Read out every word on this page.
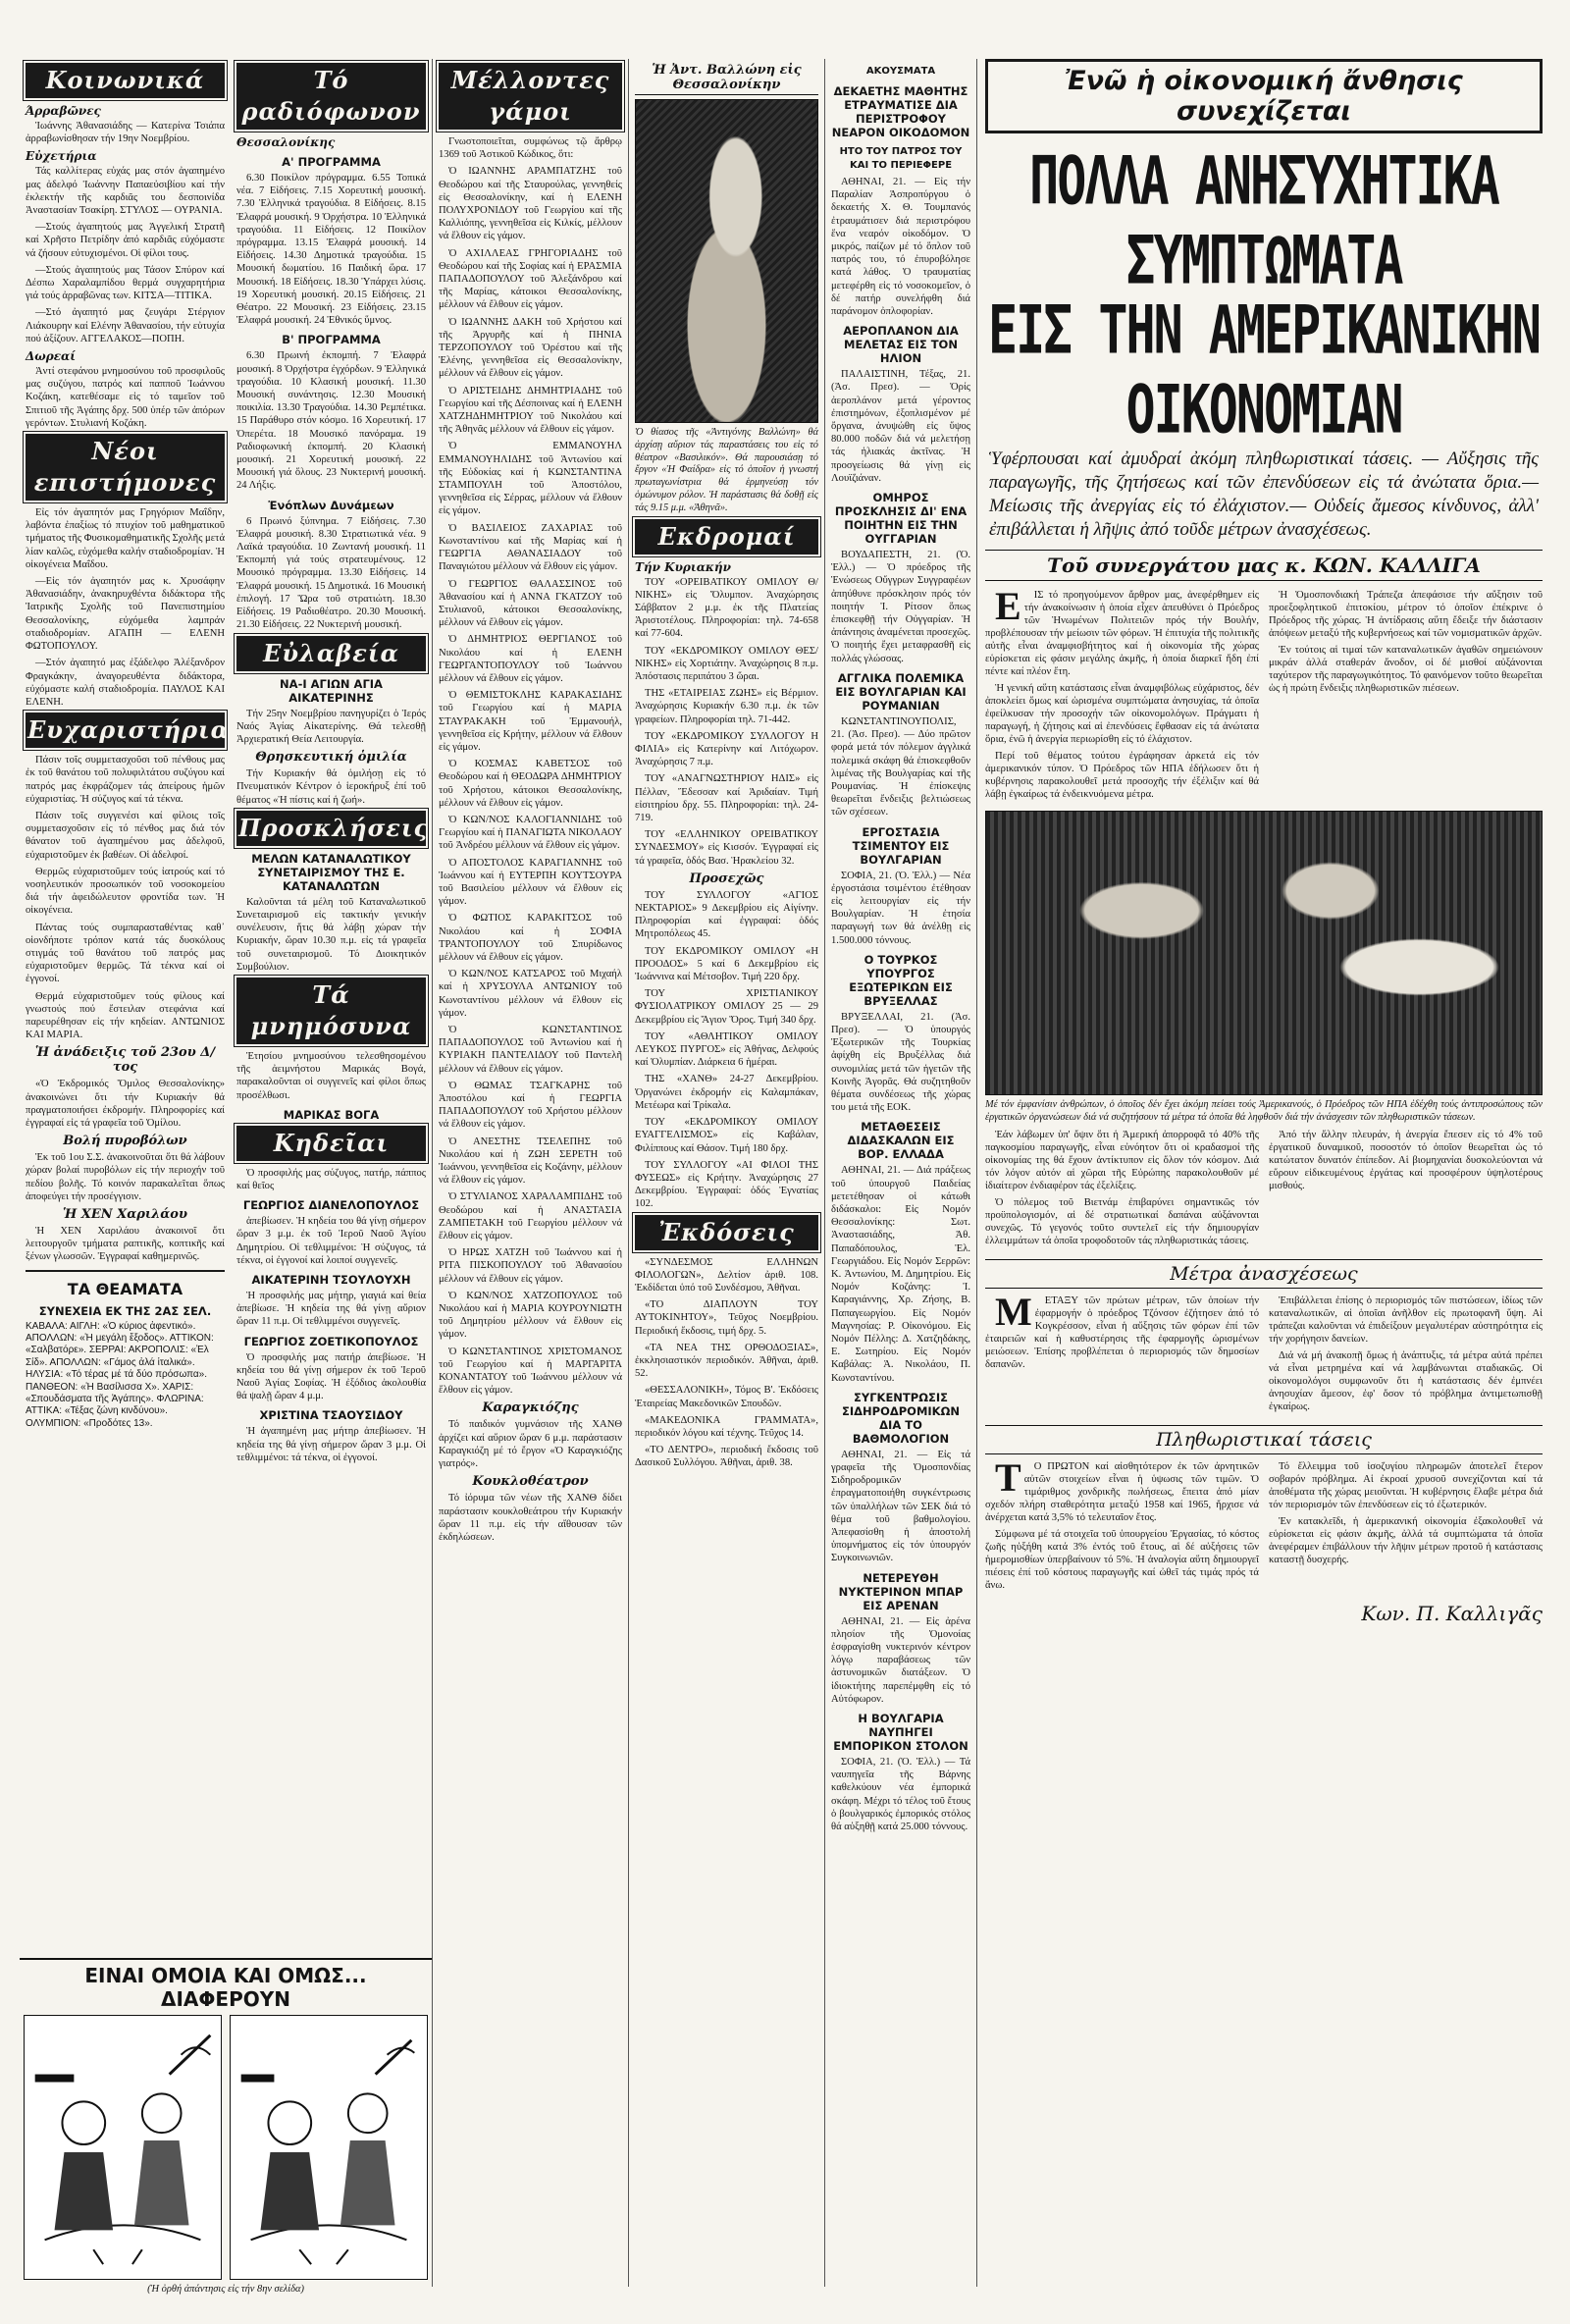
Κοινωνικά
Άρραβῶνες

Ἰωάννης Ἀθανασιάδης — Κατερίνα Τσιάπα ἀρραβωνίσθησαν τήν 19ην Νοεμβρίου.

Εὐχετήρια

Τάς καλλίτερας εὐχάς μας στόν ἀγαπημένο μας ἀδελφό Ἰωάννην Παπαεὐσιβίου καί τήν ἐκλεκτήν τῆς καρδιᾶς του δεσποινίδα Ἀναστασίαν Τσακίρη. ΣΤΥΛΟΣ — ΟΥΡΑΝΙΑ.

—Στούς ἀγαπητούς μας Ἀγγελική Στρατῆ καί Χρῆστο Πετρίδην ἀπό καρδιᾶς εὐχόμαστε νά ζήσουν εὐτυχισμένοι. Οἱ φίλοι τους.

—Στούς ἀγαπητούς μας Τάσον Σπύρον καί Δέσπω Χαραλαμπίδου θερμά συγχαρητήρια γιά τούς ἀρραβῶνας των. ΚΙΤΣΑ—ΤΙΤΙΚΑ.

—Στό ἀγαπητό μας ζευγάρι Στέργιον Λιάκουρην καί Ελένην Ἀθανασίου, τήν εὐτυχία πού ἀξίζουν. ΑΓΓΕΛΑΚΟΣ—ΠΟΠΗ.

Δωρεαί

Ἀντί στεφάνου μνημοσύνου τοῦ προσφιλοῦς μας συζύγου, πατρός καί παπποῦ Ἰωάννου Κοζάκη, κατεθέσαμε εἰς τό ταμεῖον τοῦ Σπιτιοῦ τῆς Ἁγάπης δρχ. 500 ὑπέρ τῶν ἀπόρων γερόντων. Στυλιανή Κοζάκη.

Νέοι επιστήμονες

Εἰς τόν ἀγαπητόν μας Γρηγόριον Μαΐδην, λαβόντα ἐπαξίως τό πτυχίον τοῦ μαθηματικοῦ τμήματος τῆς Φυσικομαθηματικῆς Σχολῆς μετά λίαν καλῶς, εὐχόμεθα καλήν σταδιοδρομίαν. Ἡ οἰκογένεια Μαΐδου.

—Εἰς τόν ἀγαπητόν μας κ. Χρυσάφην Ἀθανασιάδην, ἀνακηρυχθέντα διδάκτορα τῆς Ἰατρικῆς Σχολῆς τοῦ Πανεπιστημίου Θεσσαλονίκης, εὐχόμεθα λαμπράν σταδιοδρομίαν. ΑΓΑΠΗ — ΕΛΕΝΗ ΦΩΤΟΠΟΥΛΟΥ.

—Στόν ἀγαπητό μας ἐξάδελφο Ἀλέξανδρον Φραγκάκην, ἀναγορευθέντα διδάκτορα, εὐχόμαστε καλή σταδιοδρομία. ΠΑΥΛΟΣ ΚΑΙ ΕΛΕΝΗ.

Ευχαριστήρια

Πάσιν τοῖς συμμετασχοῦσι τοῦ πένθους μας ἐκ τοῦ θανάτου τοῦ πολυφιλτάτου συζύγου καί πατρός μας ἐκφράζομεν τάς ἀπείρους ἡμῶν εὐχαριστίας. Ἡ σύζυγος καί τά τέκνα.

Πάσιν τοῖς συγγενέσι καί φίλοις τοῖς συμμετασχοῦσιν εἰς τό πένθος μας διά τόν θάνατον τοῦ ἀγαπημένου μας ἀδελφοῦ, εὐχαριστοῦμεν ἐκ βαθέων. Οἱ ἀδελφοί.

Θερμῶς εὐχαριστοῦμεν τούς ἰατρούς καί τό νοσηλευτικόν προσωπικόν τοῦ νοσοκομείου διά τήν ἀφειδώλευτον φροντίδα των. Ἡ οἰκογένεια.

Πάντας τούς συμπαρασταθέντας καθ᾽ οἱονδήποτε τρόπον κατά τάς δυσκόλους στιγμάς τοῦ θανάτου τοῦ πατρός μας εὐχαριστοῦμεν θερμῶς. Τά τέκνα καί οἱ ἐγγονοί.

Θερμά εὐχαριστοῦμεν τούς φίλους καί γνωστούς πού ἔστειλαν στεφάνια καί παρευρέθησαν εἰς τήν κηδείαν. ΑΝΤΩΝΙΟΣ ΚΑΙ ΜΑΡΙΑ.

Ἡ ἀνάδειξις τοῦ 23ου Δ/τος

«Ὁ Ἐκδρομικός Ὅμιλος Θεσσαλονίκης» ἀνακοινώνει ὅτι τήν Κυριακήν θά πραγματοποιήσει ἐκδρομήν. Πληροφορίες καί ἐγγραφαί εἰς τά γραφεῖα τοῦ Ὁμίλου.

Βολή πυροβόλων

Ἐκ τοῦ 1ου Σ.Σ. ἀνακοινοῦται ὅτι θά λάβουν χώραν βολαί πυροβόλων εἰς τήν περιοχήν τοῦ πεδίου βολῆς. Τό κοινόν παρακαλεῖται ὅπως ἀποφεύγει τήν προσέγγισιν.

Ἡ ΧΕΝ Χαριλάου

Ἡ ΧΕΝ Χαριλάου ἀνακοινοῖ ὅτι λειτουργοῦν τμήματα ραπτικῆς, κοπτικῆς καί ξένων γλωσσῶν. Ἐγγραφαί καθημερινῶς.

ΤΑ ΘΕΑΜΑΤΑ
ΣΥΝΕΧΕΙΑ ΕΚ ΤΗΣ 2ΑΣ ΣΕΛ.
ΚΑΒΑΛΑ: ΑΙΓΛΗ: «Ὁ κύριος ἀφεντικό». ΑΠΟΛΛΩΝ: «Ἡ μεγάλη ἔξοδος». ΑΤΤΙΚΟΝ: «Σαλβατόρε». ΣΕΡΡΑΙ: ΑΚΡΟΠΟΛΙΣ: «Ἐλ Σίδ». ΑΠΟΛΛΩΝ: «Γάμος ἀλά ἱταλικά». ΗΛΥΣΙΑ: «Τό τέρας μέ τά δύο πρόσωπα». ΠΑΝΘΕΟΝ: «Ἡ Βασίλισσα Χ». ΧΑΡΙΣ: «Σπουδάσματα τῆς Ἀγάπης». ΦΛΩΡΙΝΑ: ΑΤΤΙΚΑ: «Τέξας ζώνη κινδύνου». ΟΛΥΜΠΙΟΝ: «Προδότες 13».
ΕΙΝΑΙ ΟΜΟΙΑ ΚΑΙ ΟΜΩΣ... ΔΙΑΦΕΡΟΥΝ
(Ἡ ὀρθή ἀπάντησις εἰς τήν 8ην σελίδα)
Τό ραδιόφωνον
Θεσσαλονίκης
Α' ΠΡΟΓΡΑΜΜΑ

6.30 Ποικίλον πρόγραμμα. 6.55 Τοπικά νέα. 7 Εἰδήσεις. 7.15 Χορευτική μουσική. 7.30 Ἑλληνικά τραγούδια. 8 Εἰδήσεις. 8.15 Ἐλαφρά μουσική. 9 Ὀρχήστρα. 10 Ἑλληνικά τραγούδια. 11 Εἰδήσεις. 12 Ποικίλον πρόγραμμα. 13.15 Ἐλαφρά μουσική. 14 Εἰδήσεις. 14.30 Δημοτικά τραγούδια. 15 Μουσική δωματίου. 16 Παιδική ὥρα. 17 Μουσική. 18 Εἰδήσεις. 18.30 Ὑπάρχει λύσις. 19 Χορευτική μουσική. 20.15 Εἰδήσεις. 21 Θέατρο. 22 Μουσική. 23 Εἰδήσεις. 23.15 Ἐλαφρά μουσική. 24 Ἐθνικός ὕμνος.

Β' ΠΡΟΓΡΑΜΜΑ

6.30 Πρωινή ἐκπομπή. 7 Ἐλαφρά μουσική. 8 Ὀρχήστρα ἐγχόρδων. 9 Ἑλληνικά τραγούδια. 10 Κλασική μουσική. 11.30 Μουσική συνάντησις. 12.30 Μουσική ποικιλία. 13.30 Τραγούδια. 14.30 Ρεμπέτικα. 15 Παράθυρο στόν κόσμο. 16 Χορευτική. 17 Ὀπερέτα. 18 Μουσικό πανόραμα. 19 Ραδιοφωνική ἐκπομπή. 20 Κλασική μουσική. 21 Χορευτική μουσική. 22 Μουσική γιά ὅλους. 23 Νυκτερινή μουσική. 24 Λήξις.

Ἐνόπλων Δυνάμεων

6 Πρωινό ξύπνημα. 7 Εἰδήσεις. 7.30 Ἐλαφρά μουσική. 8.30 Στρατιωτικά νέα. 9 Λαϊκά τραγούδια. 10 Ζωντανή μουσική. 11 Ἐκπομπή γιά τούς στρατευμένους. 12 Μουσικό πρόγραμμα. 13.30 Εἰδήσεις. 14 Ἐλαφρά μουσική. 15 Δημοτικά. 16 Μουσική ἐπιλογή. 17 Ὥρα τοῦ στρατιώτη. 18.30 Εἰδήσεις. 19 Ραδιοθέατρο. 20.30 Μουσική. 21.30 Εἰδήσεις. 22 Νυκτερινή μουσική.

Εὐλαβεία
ΝΑ-Ι ΑΓΙΩΝ ΑΓΙΑ ΑΙΚΑΤΕΡΙΝΗΣ

Τήν 25ην Νοεμβρίου πανηγυρίζει ὁ Ἱερός Ναός Ἁγίας Αἰκατερίνης. Θά τελεσθῇ Ἀρχιερατική Θεία Λειτουργία.

Θρησκευτική ὁμιλία

Τήν Κυριακήν θά ὁμιλήσῃ εἰς τό Πνευματικόν Κέντρον ὁ ἱεροκήρυξ ἐπί τοῦ θέματος «Ἡ πίστις καί ἡ ζωή».

Προσκλήσεις
ΜΕΛΩΝ ΚΑΤΑΝΑΛΩΤΙΚΟΥ ΣΥΝΕΤΑΙΡΙΣΜΟΥ ΤΗΣ Ε. ΚΑΤΑΝΑΛΩΤΩΝ

Καλοῦνται τά μέλη τοῦ Καταναλωτικοῦ Συνεταιρισμοῦ εἰς τακτικήν γενικήν συνέλευσιν, ἥτις θά λάβῃ χώραν τήν Κυριακήν, ὥραν 10.30 π.μ. εἰς τά γραφεῖα τοῦ συνεταιρισμοῦ. Τό Διοικητικόν Συμβούλιον.

Τά μνημόσυνα

Ἐτησίου μνημοσύνου τελεσθησομένου τῆς ἀειμνήστου Μαρικάς Βογά, παρακαλοῦνται οἱ συγγενεῖς καί φίλοι ὅπως προσέλθωσι.

ΜΑΡΙΚΑΣ ΒΟΓΑ
Κηδεῖαι

Ὁ προσφιλής μας σύζυγος, πατήρ, πάππος καί θεῖος

ΓΕΩΡΓΙΟΣ ΔΙΑΝΕΛΟΠΟΥΛΟΣ

ἀπεβίωσεν. Ἡ κηδεία του θά γίνῃ σήμερον ὥραν 3 μ.μ. ἐκ τοῦ Ἱεροῦ Ναοῦ Ἁγίου Δημητρίου. Οἱ τεθλιμμένοι: Ἡ σύζυγος, τά τέκνα, οἱ ἐγγονοί καί λοιποί συγγενεῖς.

ΑΙΚΑΤΕΡΙΝΗ ΤΣΟΥΛΟΥΧΗ

Ἡ προσφιλής μας μήτηρ, γιαγιά καί θεία ἀπεβίωσε. Ἡ κηδεία της θά γίνῃ αὔριον ὥραν 11 π.μ. Οἱ τεθλιμμένοι συγγενεῖς.

ΓΕΩΡΓΙΟΣ ΖΟΕΤΙΚΟΠΟΥΛΟΣ

Ὁ προσφιλής μας πατήρ ἀπεβίωσε. Ἡ κηδεία του θά γίνῃ σήμερον ἐκ τοῦ Ἱεροῦ Ναοῦ Ἁγίας Σοφίας. Ἡ ἐξόδιος ἀκολουθία θά ψαλῇ ὥραν 4 μ.μ.

ΧΡΙΣΤΙΝΑ ΤΣΑΟΥΣΙΔΟΥ

Ἡ ἀγαπημένη μας μήτηρ ἀπεβίωσεν. Ἡ κηδεία της θά γίνῃ σήμερον ὥραν 3 μ.μ. Οἱ τεθλιμμένοι: τά τέκνα, οἱ ἐγγονοί.

Μέλλοντες γάμοι

Γνωστοποιεῖται, συμφώνως τῷ ἄρθρῳ 1369 τοῦ Ἀστικοῦ Κώδικος, ὅτι:

Ὁ ΙΩΑΝΝΗΣ ΑΡΑΜΠΑΤΖΗΣ τοῦ Θεοδώρου καί τῆς Σταυρούλας, γεννηθείς εἰς Θεσσαλονίκην, καί ἡ ΕΛΕΝΗ ΠΟΛΥΧΡΟΝΙΔΟΥ τοῦ Γεωργίου καί τῆς Καλλιόπης, γεννηθεῖσα εἰς Κιλκίς, μέλλουν νά ἔλθουν εἰς γάμον.

Ὁ ΑΧΙΛΛΕΑΣ ΓΡΗΓΟΡΙΑΔΗΣ τοῦ Θεοδώρου καί τῆς Σοφίας καί ἡ ΕΡΑΣΜΙΑ ΠΑΠΑΔΟΠΟΥΛΟΥ τοῦ Ἀλεξάνδρου καί τῆς Μαρίας, κάτοικοι Θεσσαλονίκης, μέλλουν νά ἔλθουν εἰς γάμον.

Ὁ ΙΩΑΝΝΗΣ ΔΑΚΗ τοῦ Χρήστου καί τῆς Ἀργυρῆς καί ἡ ΠΗΝΙΑ ΤΕΡΖΟΠΟΥΛΟΥ τοῦ Ὀρέστου καί τῆς Ἑλένης, γεννηθεῖσα εἰς Θεσσαλονίκην, μέλλουν νά ἔλθουν εἰς γάμον.

Ὁ ΑΡΙΣΤΕΙΔΗΣ ΔΗΜΗΤΡΙΑΔΗΣ τοῦ Γεωργίου καί τῆς Δέσποινας καί ἡ ΕΛΕΝΗ ΧΑΤΖΗΔΗΜΗΤΡΙΟΥ τοῦ Νικολάου καί τῆς Ἀθηνᾶς μέλλουν νά ἔλθουν εἰς γάμον.

Ὁ ΕΜΜΑΝΟΥΗΛ ΕΜΜΑΝΟΥΗΛΙΔΗΣ τοῦ Ἀντωνίου καί τῆς Εὐδοκίας καί ἡ ΚΩΝΣΤΑΝΤΙΝΑ ΣΤΑΜΠΟΥΛΗ τοῦ Ἀποστόλου, γεννηθεῖσα εἰς Σέρρας, μέλλουν νά ἔλθουν εἰς γάμον.

Ὁ ΒΑΣΙΛΕΙΟΣ ΖΑΧΑΡΙΑΣ τοῦ Κωνσταντίνου καί τῆς Μαρίας καί ἡ ΓΕΩΡΓΙΑ ΑΘΑΝΑΣΙΑΔΟΥ τοῦ Παναγιώτου μέλλουν νά ἔλθουν εἰς γάμον.

Ὁ ΓΕΩΡΓΙΟΣ ΘΑΛΑΣΣΙΝΟΣ τοῦ Ἀθανασίου καί ἡ ΑΝΝΑ ΓΚΑΤΖΟΥ τοῦ Στυλιανοῦ, κάτοικοι Θεσσαλονίκης, μέλλουν νά ἔλθουν εἰς γάμον.

Ὁ ΔΗΜΗΤΡΙΟΣ ΘΕΡΓΙΑΝΟΣ τοῦ Νικολάου καί ἡ ΕΛΕΝΗ ΓΕΩΡΓΑΝΤΟΠΟΥΛΟΥ τοῦ Ἰωάννου μέλλουν νά ἔλθουν εἰς γάμον.

Ὁ ΘΕΜΙΣΤΟΚΛΗΣ ΚΑΡΑΚΑΣΙΔΗΣ τοῦ Γεωργίου καί ἡ ΜΑΡΙΑ ΣΤΑΥΡΑΚΑΚΗ τοῦ Ἐμμανουήλ, γεννηθεῖσα εἰς Κρήτην, μέλλουν νά ἔλθουν εἰς γάμον.

Ὁ ΚΟΣΜΑΣ ΚΑΒΕΤΣΟΣ τοῦ Θεοδώρου καί ἡ ΘΕΟΔΩΡΑ ΔΗΜΗΤΡΙΟΥ τοῦ Χρήστου, κάτοικοι Θεσσαλονίκης, μέλλουν νά ἔλθουν εἰς γάμον.

Ὁ ΚΩΝ/ΝΟΣ ΚΑΛΟΓΙΑΝΝΙΔΗΣ τοῦ Γεωργίου καί ἡ ΠΑΝΑΓΙΩΤΑ ΝΙΚΟΛΑΟΥ τοῦ Ἀνδρέου μέλλουν νά ἔλθουν εἰς γάμον.

Ὁ ΑΠΟΣΤΟΛΟΣ ΚΑΡΑΓΙΑΝΝΗΣ τοῦ Ἰωάννου καί ἡ ΕΥΤΕΡΠΗ ΚΟΥΤΣΟΥΡΑ τοῦ Βασιλείου μέλλουν νά ἔλθουν εἰς γάμον.

Ὁ ΦΩΤΙΟΣ ΚΑΡΑΚΙΤΣΟΣ τοῦ Νικολάου καί ἡ ΣΟΦΙΑ ΤΡΑΝΤΟΠΟΥΛΟΥ τοῦ Σπυρίδωνος μέλλουν νά ἔλθουν εἰς γάμον.

Ὁ ΚΩΝ/ΝΟΣ ΚΑΤΣΑΡΟΣ τοῦ Μιχαήλ καί ἡ ΧΡΥΣΟΥΛΑ ΑΝΤΩΝΙΟΥ τοῦ Κωνσταντίνου μέλλουν νά ἔλθουν εἰς γάμον.

Ὁ ΚΩΝΣΤΑΝΤΙΝΟΣ ΠΑΠΑΔΟΠΟΥΛΟΣ τοῦ Ἀντωνίου καί ἡ ΚΥΡΙΑΚΗ ΠΑΝΤΕΛΙΔΟΥ τοῦ Παντελῆ μέλλουν νά ἔλθουν εἰς γάμον.

Ὁ ΘΩΜΑΣ ΤΣΑΓΚΑΡΗΣ τοῦ Ἀποστόλου καί ἡ ΓΕΩΡΓΙΑ ΠΑΠΑΔΟΠΟΥΛΟΥ τοῦ Χρήστου μέλλουν νά ἔλθουν εἰς γάμον.

Ὁ ΑΝΕΣΤΗΣ ΤΣΕΛΕΠΗΣ τοῦ Νικολάου καί ἡ ΖΩΗ ΣΕΡΕΤΗ τοῦ Ἰωάννου, γεννηθεῖσα εἰς Κοζάνην, μέλλουν νά ἔλθουν εἰς γάμον.

Ὁ ΣΤΥΛΙΑΝΟΣ ΧΑΡΑΛΑΜΠΙΔΗΣ τοῦ Θεοδώρου καί ἡ ΑΝΑΣΤΑΣΙΑ ΖΑΜΠΕΤΑΚΗ τοῦ Γεωργίου μέλλουν νά ἔλθουν εἰς γάμον.

Ὁ ΗΡΩΣ ΧΑΤΖΗ τοῦ Ἰωάννου καί ἡ ΡΙΤΑ ΠΙΣΚΟΠΟΥΛΟΥ τοῦ Ἀθανασίου μέλλουν νά ἔλθουν εἰς γάμον.

Ὁ ΚΩΝ/ΝΟΣ ΧΑΤΖΟΠΟΥΛΟΣ τοῦ Νικολάου καί ἡ ΜΑΡΙΑ ΚΟΥΡΟΥΝΙΩΤΗ τοῦ Δημητρίου μέλλουν νά ἔλθουν εἰς γάμον.

Ὁ ΚΩΝΣΤΑΝΤΙΝΟΣ ΧΡΙΣΤΟΜΑΝΟΣ τοῦ Γεωργίου καί ἡ ΜΑΡΓΑΡΙΤΑ ΚΟΝΑΝΤΑΤΟΥ τοῦ Ἰωάννου μέλλουν νά ἔλθουν εἰς γάμον.

Καραγκιόζης

Τό παιδικόν γυμνάσιον τῆς ΧΑΝΘ ἀρχίζει καί αὔριον ὥραν 6 μ.μ. παράστασιν Καραγκιόζη μέ τό ἔργον «Ὁ Καραγκιόζης γιατρός».

Κουκλοθέατρον

Τό ἰόρυμα τῶν νέων τῆς ΧΑΝΘ δίδει παράστασιν κουκλοθεάτρου τήν Κυριακήν ὥραν 11 π.μ. εἰς τήν αἴθουσαν τῶν ἐκδηλώσεων.

Ἡ Ἀντ. Βαλλώνη εἰς Θεσσαλονίκην
Ὁ θίασος τῆς «Ἀντιγόνης Βαλλώνη» θά ἀρχίσῃ αὔριον τάς παραστάσεις του εἰς τό θέατρον «Βασιλικόν». Θά παρουσιάσῃ τό ἔργον «Ἡ Φαίδρα» εἰς τό ὁποῖον ἡ γνωστή πρωταγωνίστρια θά ἑρμηνεύσῃ τόν ὁμώνυμον ρόλον. Ἡ παράστασις θά δοθῇ εἰς τάς 9.15 μ.μ. «Ἀθηνᾶ».
Εκδρομαί
Τήν Κυριακήν

ΤΟΥ «ΟΡΕΙΒΑΤΙΚΟΥ ΟΜΙΛΟΥ Θ/ΝΙΚΗΣ» εἰς Ὄλυμπον. Ἀναχώρησις Σάββατον 2 μ.μ. ἐκ τῆς Πλατείας Ἀριστοτέλους. Πληροφορίαι: τηλ. 74-658 καί 77-604.

ΤΟΥ «ΕΚΔΡΟΜΙΚΟΥ ΟΜΙΛΟΥ ΘΕΣ/ΝΙΚΗΣ» εἰς Χορτιάτην. Ἀναχώρησις 8 π.μ. Ἀπόστασις περιπάτου 3 ὥραι.

ΤΗΣ «ΕΤΑΙΡΕΙΑΣ ΖΩΗΣ» εἰς Βέρμιον. Ἀναχώρησις Κυριακήν 6.30 π.μ. ἐκ τῶν γραφείων. Πληροφορίαι τηλ. 71-442.

ΤΟΥ «ΕΚΔΡΟΜΙΚΟΥ ΣΥΛΛΟΓΟΥ Η ΦΙΛΙΑ» εἰς Κατερίνην καί Λιτόχωρον. Ἀναχώρησις 7 π.μ.

ΤΟΥ «ΑΝΑΓΝΩΣΤΗΡΙΟΥ ΗΔΙΣ» εἰς Πέλλαν, Ἔδεσσαν καί Ἀριδαίαν. Τιμή εἰσιτηρίου δρχ. 55. Πληροφορίαι: τηλ. 24-719.

ΤΟΥ «ΕΛΛΗΝΙΚΟΥ ΟΡΕΙΒΑΤΙΚΟΥ ΣΥΝΔΕΣΜΟΥ» εἰς Κισσόν. Ἐγγραφαί εἰς τά γραφεῖα, ὁδός Βασ. Ἡρακλείου 32.

Προσεχῶς

ΤΟΥ ΣΥΛΛΟΓΟΥ «ΑΓΙΟΣ ΝΕΚΤΑΡΙΟΣ» 9 Δεκεμβρίου εἰς Αἰγίνην. Πληροφορίαι καί ἐγγραφαί: ὁδός Μητροπόλεως 45.

ΤΟΥ ΕΚΔΡΟΜΙΚΟΥ ΟΜΙΛΟΥ «Η ΠΡΟΟΔΟΣ» 5 καί 6 Δεκεμβρίου εἰς Ἰωάννινα καί Μέτσοβον. Τιμή 220 δρχ.

ΤΟΥ ΧΡΙΣΤΙΑΝΙΚΟΥ ΦΥΣΙΟΛΑΤΡΙΚΟΥ ΟΜΙΛΟΥ 25 — 29 Δεκεμβρίου εἰς Ἅγιον Ὄρος. Τιμή 340 δρχ.

ΤΟΥ «ΑΘΛΗΤΙΚΟΥ ΟΜΙΛΟΥ ΛΕΥΚΟΣ ΠΥΡΓΟΣ» εἰς Ἀθήνας, Δελφούς καί Ὀλυμπίαν. Διάρκεια 6 ἡμέραι.

ΤΗΣ «ΧΑΝΘ» 24-27 Δεκεμβρίου. Ὀργανώνει ἐκδρομήν εἰς Καλαμπάκαν, Μετέωρα καί Τρίκαλα.

ΤΟΥ «ΕΚΔΡΟΜΙΚΟΥ ΟΜΙΛΟΥ ΕΥΑΓΓΕΛΙΣΜΟΣ» εἰς Καβάλαν, Φιλίππους καί Θάσον. Τιμή 180 δρχ.

ΤΟΥ ΣΥΛΛΟΓΟΥ «ΑΙ ΦΙΛΟΙ ΤΗΣ ΦΥΣΕΩΣ» εἰς Κρήτην. Ἀναχώρησις 27 Δεκεμβρίου. Ἐγγραφαί: ὁδός Ἐγνατίας 102.

Ἐκδόσεις

«ΣΥΝΔΕΣΜΟΣ ΕΛΛΗΝΩΝ ΦΙΛΟΛΟΓΩΝ», Δελτίον ἀριθ. 108. Ἐκδίδεται ὑπό τοῦ Συνδέσμου, Ἀθῆναι.

«ΤΟ ΔΙΑΠΛΟΥΝ ΤΟΥ ΑΥΤΟΚΙΝΗΤΟΥ», Τεῦχος Νοεμβρίου. Περιοδική ἔκδοσις, τιμή δρχ. 5.

«ΤΑ ΝΕΑ ΤΗΣ ΟΡΘΟΔΟΞΙΑΣ», ἐκκλησιαστικόν περιοδικόν. Ἀθῆναι, ἀριθ. 52.

«ΘΕΣΣΑΛΟΝΙΚΗ», Τόμος Β'. Ἐκδόσεις Ἑταιρείας Μακεδονικῶν Σπουδῶν.

«ΜΑΚΕΔΟΝΙΚΑ ΓΡΑΜΜΑΤΑ», περιοδικόν λόγου καί τέχνης. Τεῦχος 14.

«ΤΟ ΔΕΝΤΡΟ», περιοδική ἔκδοσις τοῦ Δασικοῦ Συλλόγου. Ἀθῆναι, ἀριθ. 38.

ΑΚΟΥΣΜΑΤΑ
ΔΕΚΑΕΤΗΣ ΜΑΘΗΤΗΣ ΕΤΡΑΥΜΑΤΙΣΕ ΔΙΑ ΠΕΡΙΣΤΡΟΦΟΥ ΝΕΑΡΟΝ ΟΙΚΟΔΟΜΟΝ
ΗΤΟ ΤΟΥ ΠΑΤΡΟΣ ΤΟΥ ΚΑΙ ΤΟ ΠΕΡΙΕΦΕΡΕ

ΑΘΗΝΑΙ, 21. — Εἰς τήν Παραλίαν Ἀσπροπύργου ὁ δεκαετής Χ. Θ. Τουμπανός ἐτραυμάτισεν διά περιστρόφου ἕνα νεαρόν οἰκοδόμον. Ὁ μικρός, παίζων μέ τό ὅπλον τοῦ πατρός του, τό ἐπυροβόλησε κατά λάθος. Ὁ τραυματίας μετεφέρθη εἰς τό νοσοκομεῖον, ὁ δέ πατήρ συνελήφθη διά παράνομον ὀπλοφορίαν.

ΑΕΡΟΠΛΑΝΟΝ ΔΙΑ ΜΕΛΕΤΑΣ ΕΙΣ ΤΟΝ ΗΛΙΟΝ

ΠΑΛΑΙΣΤΙΝΗ, Τέξας, 21. (Ἀσ. Πρεσ). — Ὁρίς ἀεροπλάνον μετά γέροντος ἐπιστημόνων, ἐξοπλισμένον μέ ὄργανα, ἀνυψώθη εἰς ὕψος 80.000 ποδῶν διά νά μελετήσῃ τάς ἡλιακάς ἀκτῖνας. Ἡ προσγείωσις θά γίνῃ εἰς Λουϊζιάναν.

ΟΜΗΡΟΣ ΠΡΟΣΚΛΗΣΙΣ ΔΙ' ΕΝΑ ΠΟΙΗΤΗΝ ΕΙΣ ΤΗΝ ΟΥΓΓΑΡΙΑΝ

ΒΟΥΔΑΠΕΣΤΗ, 21. (Ὁ. Ἑλλ.) — Ὁ πρόεδρος τῆς Ἑνώσεως Οὔγγρων Συγγραφέων ἀπηύθυνε πρόσκλησιν πρός τόν ποιητήν Ἰ. Ρίτσον ὅπως ἐπισκεφθῇ τήν Οὐγγαρίαν. Ἡ ἀπάντησις ἀναμένεται προσεχῶς. Ὁ ποιητής ἔχει μεταφρασθῆ εἰς πολλάς γλώσσας.

ΑΓΓΛΙΚΑ ΠΟΛΕΜΙΚΑ ΕΙΣ ΒΟΥΛΓΑΡΙΑΝ ΚΑΙ ΡΟΥΜΑΝΙΑΝ

ΚΩΝΣΤΑΝΤΙΝΟΥΠΟΛΙΣ, 21. (Ἀσ. Πρεσ). — Δύο πρῶτον φορά μετά τόν πόλεμον ἀγγλικά πολεμικά σκάφη θά ἐπισκεφθοῦν λιμένας τῆς Βουλγαρίας καί τῆς Ρουμανίας. Ἡ ἐπίσκεψις θεωρεῖται ἔνδειξις βελτιώσεως τῶν σχέσεων.

ΕΡΓΟΣΤΑΣΙΑ ΤΣΙΜΕΝΤΟΥ ΕΙΣ ΒΟΥΛΓΑΡΙΑΝ

ΣΟΦΙΑ, 21. (Ὁ. Ἑλλ.) — Νέα ἐργοστάσια τσιμέντου ἐτέθησαν εἰς λειτουργίαν εἰς τήν Βουλγαρίαν. Ἡ ἐτησία παραγωγή των θά ἀνέλθῃ εἰς 1.500.000 τόννους.

Ο ΤΟΥΡΚΟΣ ΥΠΟΥΡΓΟΣ ΕΞΩΤΕΡΙΚΩΝ ΕΙΣ ΒΡΥΞΕΛΛΑΣ

ΒΡΥΞΕΛΛΑΙ, 21. (Ἀσ. Πρεσ). — Ὁ ὑπουργός Ἐξωτερικῶν τῆς Τουρκίας ἀφίχθη εἰς Βρυξέλλας διά συνομιλίας μετά τῶν ἡγετῶν τῆς Κοινῆς Ἀγορᾶς. Θά συζητηθοῦν θέματα συνδέσεως τῆς χώρας του μετά τῆς ΕΟΚ.

ΜΕΤΑΘΕΣΕΙΣ ΔΙΔΑΣΚΑΛΩΝ ΕΙΣ ΒΟΡ. ΕΛΛΑΔΑ

ΑΘΗΝΑΙ, 21. — Διά πράξεως τοῦ ὑπουργοῦ Παιδείας μετετέθησαν οἱ κάτωθι διδάσκαλοι: Εἰς Νομόν Θεσσαλονίκης: Σωτ. Ἀναστασιάδης, Ἀθ. Παπαδόπουλος, Ἐλ. Γεωργιάδου. Εἰς Νομόν Σερρῶν: Κ. Ἀντωνίου, Μ. Δημητρίου. Εἰς Νομόν Κοζάνης: Ἰ. Καραγιάννης, Χρ. Ζήσης, Β. Παπαγεωργίου. Εἰς Νομόν Μαγνησίας: Ρ. Οἰκονόμου. Εἰς Νομόν Πέλλης: Δ. Χατζηδάκης, Ε. Σωτηρίου. Εἰς Νομόν Καβάλας: Ἀ. Νικολάου, Π. Κωνσταντίνου.

ΣΥΓΚΕΝΤΡΩΣΙΣ ΣΙΔΗΡΟΔΡΟΜΙΚΩΝ ΔΙΑ ΤΟ ΒΑΘΜΟΛΟΓΙΟΝ

ΑΘΗΝΑΙ, 21. — Εἰς τά γραφεῖα τῆς Ὁμοσπονδίας Σιδηροδρομικῶν ἐπραγματοποιήθη συγκέντρωσις τῶν ὑπαλλήλων τῶν ΣΕΚ διά τό θέμα τοῦ βαθμολογίου. Ἀπεφασίσθη ἡ ἀποστολή ὑπομνήματος εἰς τόν ὑπουργόν Συγκοινωνιῶν.

ΝΕΤΕΡΕΥΘΗ ΝΥΚΤΕΡΙΝΟΝ ΜΠΑΡ ΕΙΣ ΑΡΕΝΑΝ

ΑΘΗΝΑΙ, 21. — Εἰς ἀρένα πλησίον τῆς Ὁμονοίας ἐσφραγίσθη νυκτερινόν κέντρον λόγῳ παραβάσεως τῶν ἀστυνομικῶν διατάξεων. Ὁ ἰδιοκτήτης παρεπέμφθη εἰς τό Αὐτόφωρον.

Η ΒΟΥΛΓΑΡΙΑ ΝΑΥΠΗΓΕΙ ΕΜΠΟΡΙΚΟΝ ΣΤΟΛΟΝ

ΣΟΦΙΑ, 21. (Ὁ. Ἑλλ.) — Τά ναυπηγεῖα τῆς Βάρνης καθελκύουν νέα ἐμπορικά σκάφη. Μέχρι τό τέλος τοῦ ἔτους ὁ βουλγαρικός ἐμπορικός στόλος θά αὐξηθῇ κατά 25.000 τόννους.

Ἐνῶ ἡ οἰκονομική ἄνθησις συνεχίζεται
ΠΟΛΛΑ ΑΝΗΣΥΧΗΤΙΚΑ ΣΥΜΠΤΩΜΑΤΑ
ΕΙΣ ΤΗΝ ΑΜΕΡΙΚΑΝΙΚΗΝ ΟΙΚΟΝΟΜΙΑΝ
Ὑφέρπουσαι καί ἀμυδραί ἀκόμη πληθωριστικαί τάσεις. — Αὔξησις τῆς παραγωγῆς, τῆς ζητήσεως καί τῶν ἐπενδύσεων εἰς τά ἀνώτατα ὅρια.— Μείωσις τῆς ἀνεργίας εἰς τό ἐλάχιστον.— Οὐδείς ἄμεσος κίνδυνος, ἀλλ' ἐπιβάλλεται ἡ λῆψις ἀπό τοῦδε μέτρων ἀνασχέσεως.
Τοῦ συνεργάτου μας κ. ΚΩΝ. ΚΑΛΛΙΓΑ

ΕΙΣ τό προηγούμενον ἄρθρον μας, ἀνεφέρθημεν εἰς τήν ἀνακοίνωσιν ἡ ὁποία εἶχεν ἀπευθύνει ὁ Πρόεδρος τῶν Ἡνωμένων Πολιτειῶν πρός τήν Βουλήν, προβλέπουσαν τήν μείωσιν τῶν φόρων. Ἡ ἐπιτυχία τῆς πολιτικῆς αὐτῆς εἶναι ἀναμφισβήτητος καί ἡ οἰκονομία τῆς χώρας εὑρίσκεται εἰς φάσιν μεγάλης ἀκμῆς, ἡ ὁποία διαρκεῖ ἤδη ἐπί πέντε καί πλέον ἔτη.

Ἡ γενική αὕτη κατάστασις εἶναι ἀναμφιβόλως εὐχάριστος, δέν ἀποκλείει ὅμως καί ὡρισμένα συμπτώματα ἀνησυχίας, τά ὁποῖα ἐφείλκυσαν τήν προσοχήν τῶν οἰκονομολόγων. Πράγματι ἡ παραγωγή, ἡ ζήτησις καί αἱ ἐπενδύσεις ἔφθασαν εἰς τά ἀνώτατα ὅρια, ἐνῶ ἡ ἀνεργία περιωρίσθη εἰς τό ἐλάχιστον.

Περί τοῦ θέματος τούτου ἐγράφησαν ἀρκετά εἰς τόν ἀμερικανικόν τύπον. Ὁ Πρόεδρος τῶν ΗΠΑ ἐδήλωσεν ὅτι ἡ κυβέρνησις παρακολουθεῖ μετά προσοχῆς τήν ἐξέλιξιν καί θά λάβῃ ἐγκαίρως τά ἐνδεικνυόμενα μέτρα.

Ἡ Ὁμοσπονδιακή Τράπεζα ἀπεφάσισε τήν αὔξησιν τοῦ προεξοφλητικοῦ ἐπιτοκίου, μέτρον τό ὁποῖον ἐπέκρινε ὁ Πρόεδρος τῆς χώρας. Ἡ ἀντίδρασις αὕτη ἔδειξε τήν διάστασιν ἀπόψεων μεταξύ τῆς κυβερνήσεως καί τῶν νομισματικῶν ἀρχῶν.

Ἐν τούτοις αἱ τιμαί τῶν καταναλωτικῶν ἀγαθῶν σημειώνουν μικράν ἀλλά σταθεράν ἄνοδον, οἱ δέ μισθοί αὐξάνονται ταχύτερον τῆς παραγωγικότητος. Τό φαινόμενον τοῦτο θεωρεῖται ὡς ἡ πρώτη ἔνδειξις πληθωριστικῶν πιέσεων.

Μέ τόν ἐμφανίσιν ἀνθρώπων, ὁ ὁποῖος δέν ἔχει ἀκόμη πείσει τούς Ἀμερικανούς, ὁ Πρόεδρος τῶν ΗΠΑ ἐδέχθη τούς ἀντιπροσώπους τῶν ἐργατικῶν ὀργανώσεων διά νά συζητήσουν τά μέτρα τά ὁποῖα θά ληφθοῦν διά τήν ἀνάσχεσιν τῶν πληθωριστικῶν τάσεων.

Ἐάν λάβωμεν ὑπ' ὄψιν ὅτι ἡ Ἀμερική ἀπορροφᾶ τό 40% τῆς παγκοσμίου παραγωγῆς, εἶναι εὐνόητον ὅτι οἱ κραδασμοί τῆς οἰκονομίας της θά ἔχουν ἀντίκτυπον εἰς ὅλον τόν κόσμον. Διά τόν λόγον αὐτόν αἱ χῶραι τῆς Εὐρώπης παρακολουθοῦν μέ ἰδιαίτερον ἐνδιαφέρον τάς ἐξελίξεις.

Ὁ πόλεμος τοῦ Βιετνάμ ἐπιβαρύνει σημαντικῶς τόν προϋπολογισμόν, αἱ δέ στρατιωτικαί δαπάναι αὐξάνονται συνεχῶς. Τό γεγονός τοῦτο συντελεῖ εἰς τήν δημιουργίαν ἐλλειμμάτων τά ὁποῖα τροφοδοτοῦν τάς πληθωριστικάς τάσεις.

Ἀπό τήν ἄλλην πλευράν, ἡ ἀνεργία ἔπεσεν εἰς τό 4% τοῦ ἐργατικοῦ δυναμικοῦ, ποσοστόν τό ὁποῖον θεωρεῖται ὡς τό κατώτατον δυνατόν ἐπίπεδον. Αἱ βιομηχανίαι δυσκολεύονται νά εὕρουν εἰδικευμένους ἐργάτας καί προσφέρουν ὑψηλοτέρους μισθούς.

Μέτρα ἀνασχέσεως

ΜΕΤΑΞΥ τῶν πρώτων μέτρων, τῶν ὁποίων τήν ἐφαρμογήν ὁ πρόεδρος Τζόνσον ἐζήτησεν ἀπό τό Κογκρέσσον, εἶναι ἡ αὔξησις τῶν φόρων ἐπί τῶν ἐταιρειῶν καί ἡ καθυστέρησις τῆς ἐφαρμογῆς ὡρισμένων μειώσεων. Ἐπίσης προβλέπεται ὁ περιορισμός τῶν δημοσίων δαπανῶν.

Ἐπιβάλλεται ἐπίσης ὁ περιορισμός τῶν πιστώσεων, ἰδίως τῶν καταναλωτικῶν, αἱ ὁποῖαι ἀνῆλθον εἰς πρωτοφανῆ ὕψη. Αἱ τράπεζαι καλοῦνται νά ἐπιδείξουν μεγαλυτέραν αὐστηρότητα εἰς τήν χορήγησιν δανείων.

Διά νά μή ἀνακοπῇ ὅμως ἡ ἀνάπτυξις, τά μέτρα αὐτά πρέπει νά εἶναι μετρημένα καί νά λαμβάνωνται σταδιακῶς. Οἱ οἰκονομολόγοι συμφωνοῦν ὅτι ἡ κατάστασις δέν ἐμπνέει ἀνησυχίαν ἄμεσον, ἐφ' ὅσον τό πρόβλημα ἀντιμετωπισθῇ ἐγκαίρως.

Πληθωριστικαί τάσεις

ΤΟ ΠΡΩΤΟΝ καί αἰσθητότερον ἐκ τῶν ἀρνητικῶν αὐτῶν στοιχείων εἶναι ἡ ὑψωσις τῶν τιμῶν. Ὁ τιμάριθμος χονδρικῆς πωλήσεως, ἔπειτα ἀπό μίαν σχεδόν πλήρη σταθερότητα μεταξύ 1958 καί 1965, ἤρχισε νά ἀνέρχεται κατά 3,5% τό τελευταῖον ἔτος.

Σύμφωνα μέ τά στοιχεῖα τοῦ ὑπουργείου Ἐργασίας, τό κόστος ζωῆς ηὐξήθη κατά 3% ἐντός τοῦ ἔτους, αἱ δέ αὐξήσεις τῶν ἡμερομισθίων ὑπερβαίνουν τό 5%. Ἡ ἀναλογία αὕτη δημιουργεῖ πιέσεις ἐπί τοῦ κόστους παραγωγῆς καί ὠθεῖ τάς τιμάς πρός τά ἄνω.

Τό ἔλλειμμα τοῦ ἰσοζυγίου πληρωμῶν ἀποτελεῖ ἕτερον σοβαρόν πρόβλημα. Αἱ ἐκροαί χρυσοῦ συνεχίζονται καί τά ἀποθέματα τῆς χώρας μειοῦνται. Ἡ κυβέρνησις ἔλαβε μέτρα διά τόν περιορισμόν τῶν ἐπενδύσεων εἰς τό ἐξωτερικόν.

Ἐν κατακλεῖδι, ἡ ἀμερικανική οἰκονομία ἐξακολουθεῖ νά εὑρίσκεται εἰς φάσιν ἀκμῆς, ἀλλά τά συμπτώματα τά ὁποῖα ἀνεφέραμεν ἐπιβάλλουν τήν λῆψιν μέτρων προτοῦ ἡ κατάστασις καταστῇ δυσχερής.

Κων. Π. Καλλιγᾶς
